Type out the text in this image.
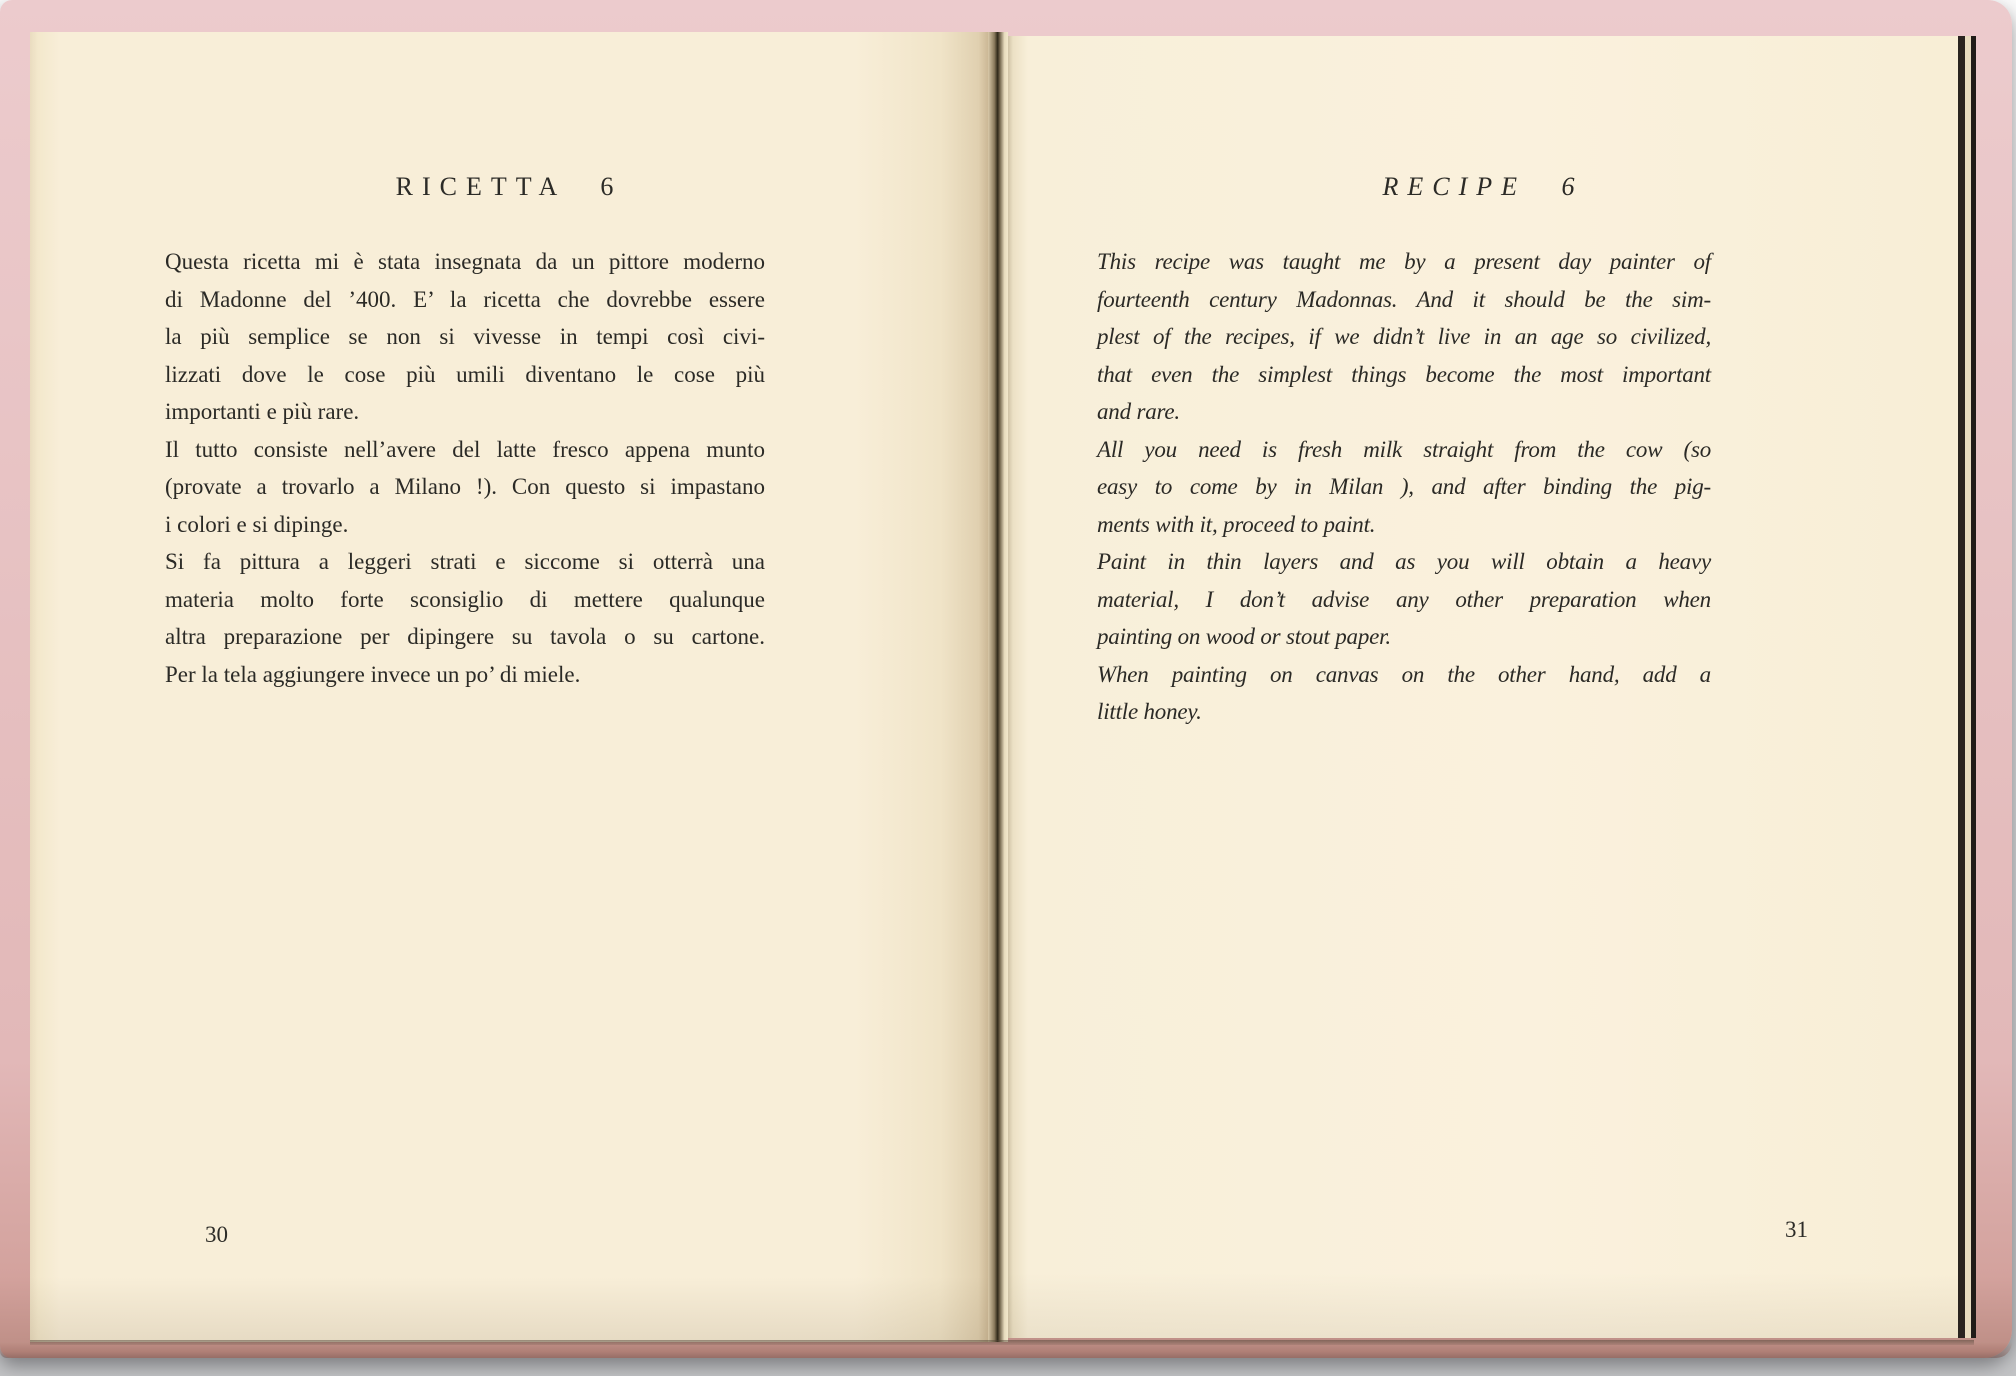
RICETTA 6
Questa ricetta mi è stata insegnata da un pittore moderno
di Madonne del ’400. E’ la ricetta che dovrebbe essere
la più semplice se non si vivesse in tempi così civi-
lizzati dove le cose più umili diventano le cose più
importanti e più rare.
Il tutto consiste nell’avere del latte fresco appena munto
(provate a trovarlo a Milano !). Con questo si impastano
i colori e si dipinge.
Si fa pittura a leggeri strati e siccome si otterrà una
materia molto forte sconsiglio di mettere qualunque
altra preparazione per dipingere su tavola o su cartone.
Per la tela aggiungere invece un po’ di miele.
30
RECIPE 6
This recipe was taught me by a present day painter of
fourteenth century Madonnas. And it should be the sim-
plest of the recipes, if we didn’t live in an age so civilized,
that even the simplest things become the most important
and rare.
All you need is fresh milk straight from the cow (so
easy to come by in Milan ), and after binding the pig-
ments with it, proceed to paint.
Paint in thin layers and as you will obtain a heavy
material, I don’t advise any other preparation when
painting on wood or stout paper.
When painting on canvas on the other hand, add a
little honey.
31
